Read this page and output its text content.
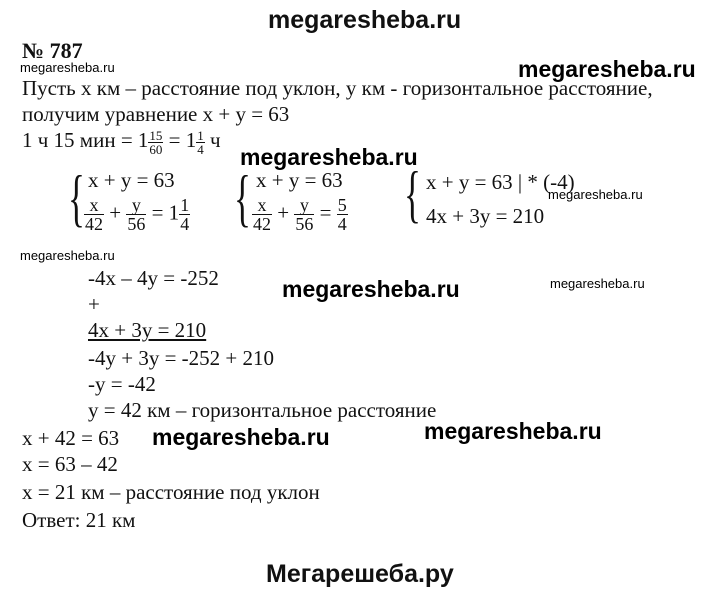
megaresheba.ru
№ 787
megaresheba.ru	megaresheba.ru
Пусть x км – расстояние под уклон, у км - горизонтальное расстояние,
получим уравнение x + y = 63
1 ч 15 мин = $1 \frac{15}{60} = 1 \frac{1}{4}$ ч
megaresheba.ru
{ x + y = 63
$\frac{x}{42} + \frac{y}{56} = 1 \frac{1}{4}$ { x + y = 63
$\frac{x}{42} + \frac{y}{56} = \frac{5}{4}$ { x + y = 63 | * (-4)
4x + 3y = 210
megaresheba.ru
megaresheba.ru
-4x – 4y = -252	megaresheba.ru	megaresheba.ru
+
4x + 3y = 210
-4y + 3y = -252 + 210
-y = -42
y = 42 км – горизонтальное расстояние
x + 42 = 63 megaresheba.ru	megaresheba.ru
x = 63 – 42
x = 21 км – расстояние под уклон
Ответ: 21 км
Мегарешеба.ру
